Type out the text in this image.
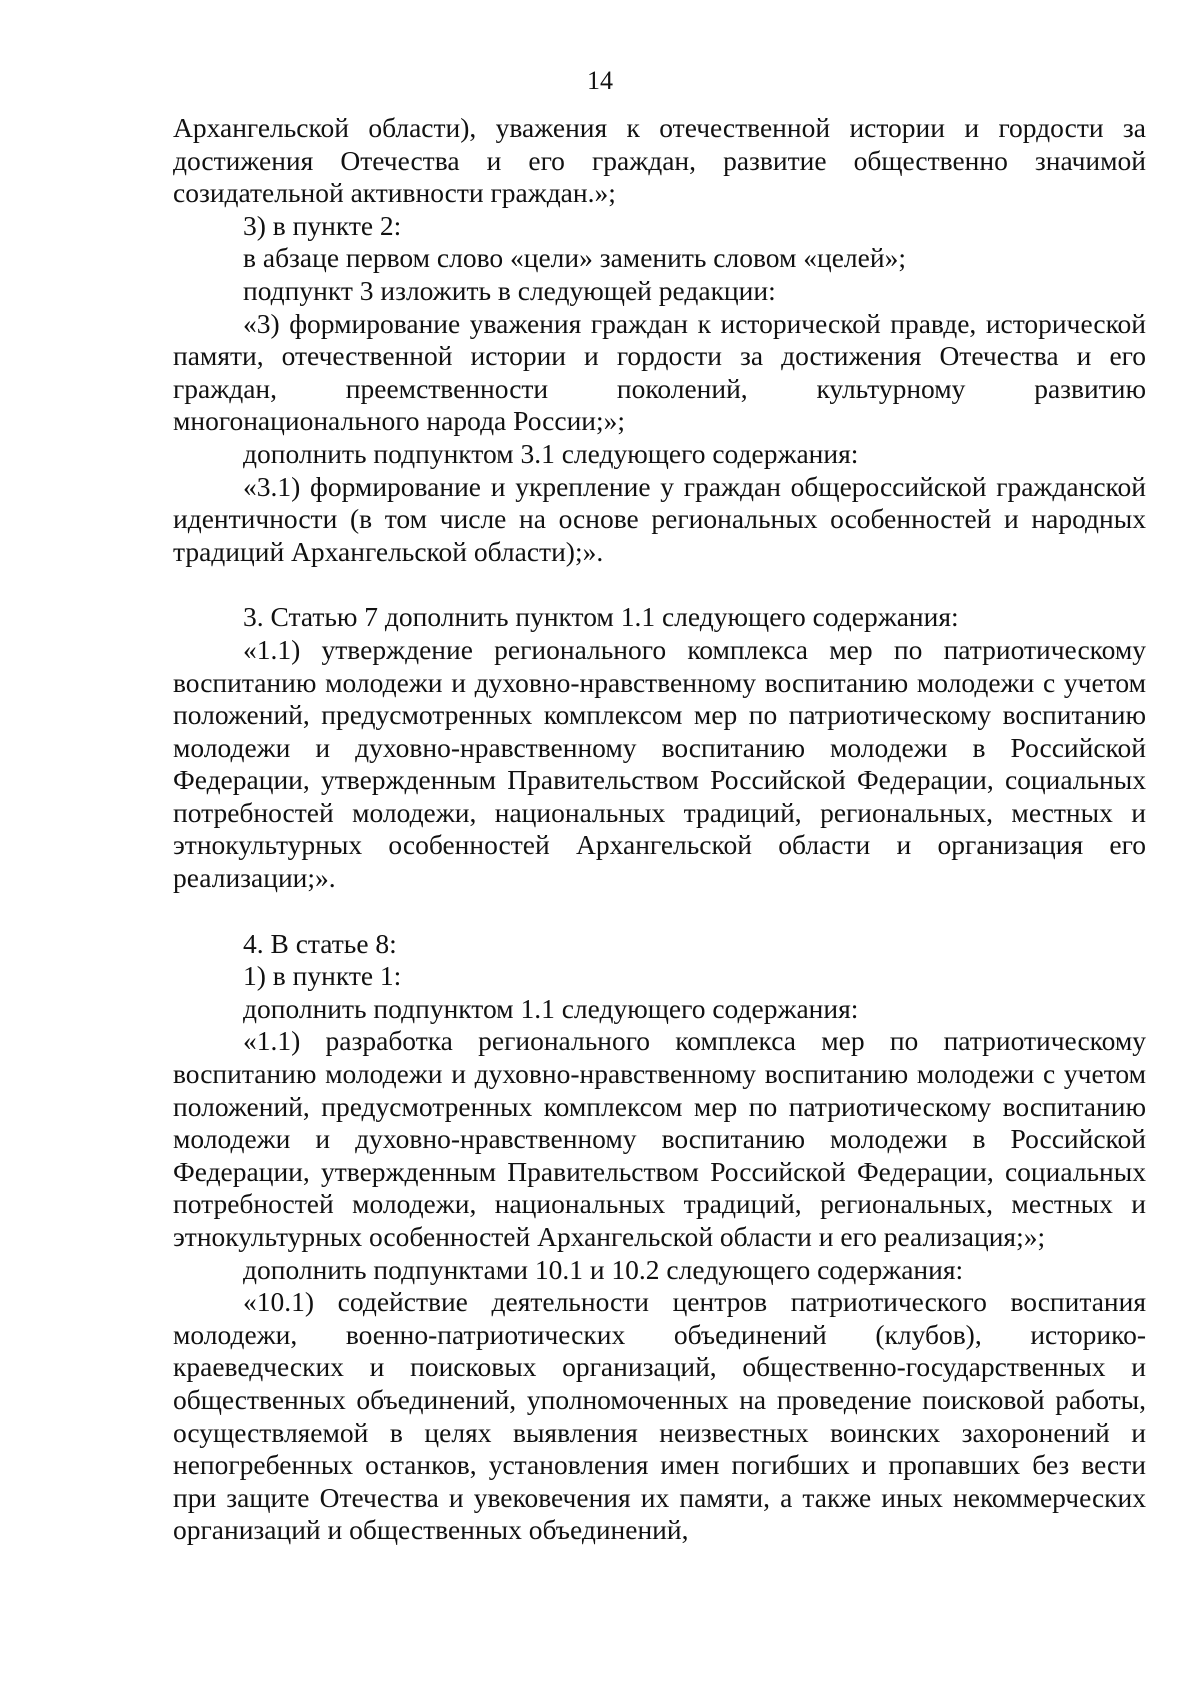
14

Архангельской области), уважения к отечественной истории и гордости за достижения Отечества и его граждан, развитие общественно значимой созидательной активности граждан.»;

3) в пункте 2:

в абзаце первом слово «цели» заменить словом «целей»;

подпункт 3 изложить в следующей редакции:

«3) формирование уважения граждан к исторической правде, исторической памяти, отечественной истории и гордости за достижения Отечества и его граждан, преемственности поколений, культурному развитию многонационального народа России;»;

дополнить подпунктом 3.1 следующего содержания:

«3.1) формирование и укрепление у граждан общероссийской гражданской идентичности (в том числе на основе региональных особенностей и народных традиций Архангельской области);».

3. Статью 7 дополнить пунктом 1.1 следующего содержания:

«1.1) утверждение регионального комплекса мер по патриотическому воспитанию молодежи и духовно-нравственному воспитанию молодежи с учетом положений, предусмотренных комплексом мер по патриотическому воспитанию молодежи и духовно-нравственному воспитанию молодежи в Российской Федерации, утвержденным Правительством Российской Федерации, социальных потребностей молодежи, национальных традиций, региональных, местных и этнокультурных особенностей Архангельской области и организация его реализации;».

4. В статье 8:

1) в пункте 1:

дополнить подпунктом 1.1 следующего содержания:

«1.1) разработка регионального комплекса мер по патриотическому воспитанию молодежи и духовно-нравственному воспитанию молодежи с учетом положений, предусмотренных комплексом мер по патриотическому воспитанию молодежи и духовно-нравственному воспитанию молодежи в Российской Федерации, утвержденным Правительством Российской Федерации, социальных потребностей молодежи, национальных традиций, региональных, местных и этнокультурных особенностей Архангельской области и его реализация;»;

дополнить подпунктами 10.1 и 10.2 следующего содержания:

«10.1) содействие деятельности центров патриотического воспитания молодежи, военно-патриотических объединений (клубов), историко-краеведческих и поисковых организаций, общественно-государственных и общественных объединений, уполномоченных на проведение поисковой работы, осуществляемой в целях выявления неизвестных воинских захоронений и непогребенных останков, установления имен погибших и пропавших без вести при защите Отечества и увековечения их памяти, а также иных некоммерческих организаций и общественных объединений,
